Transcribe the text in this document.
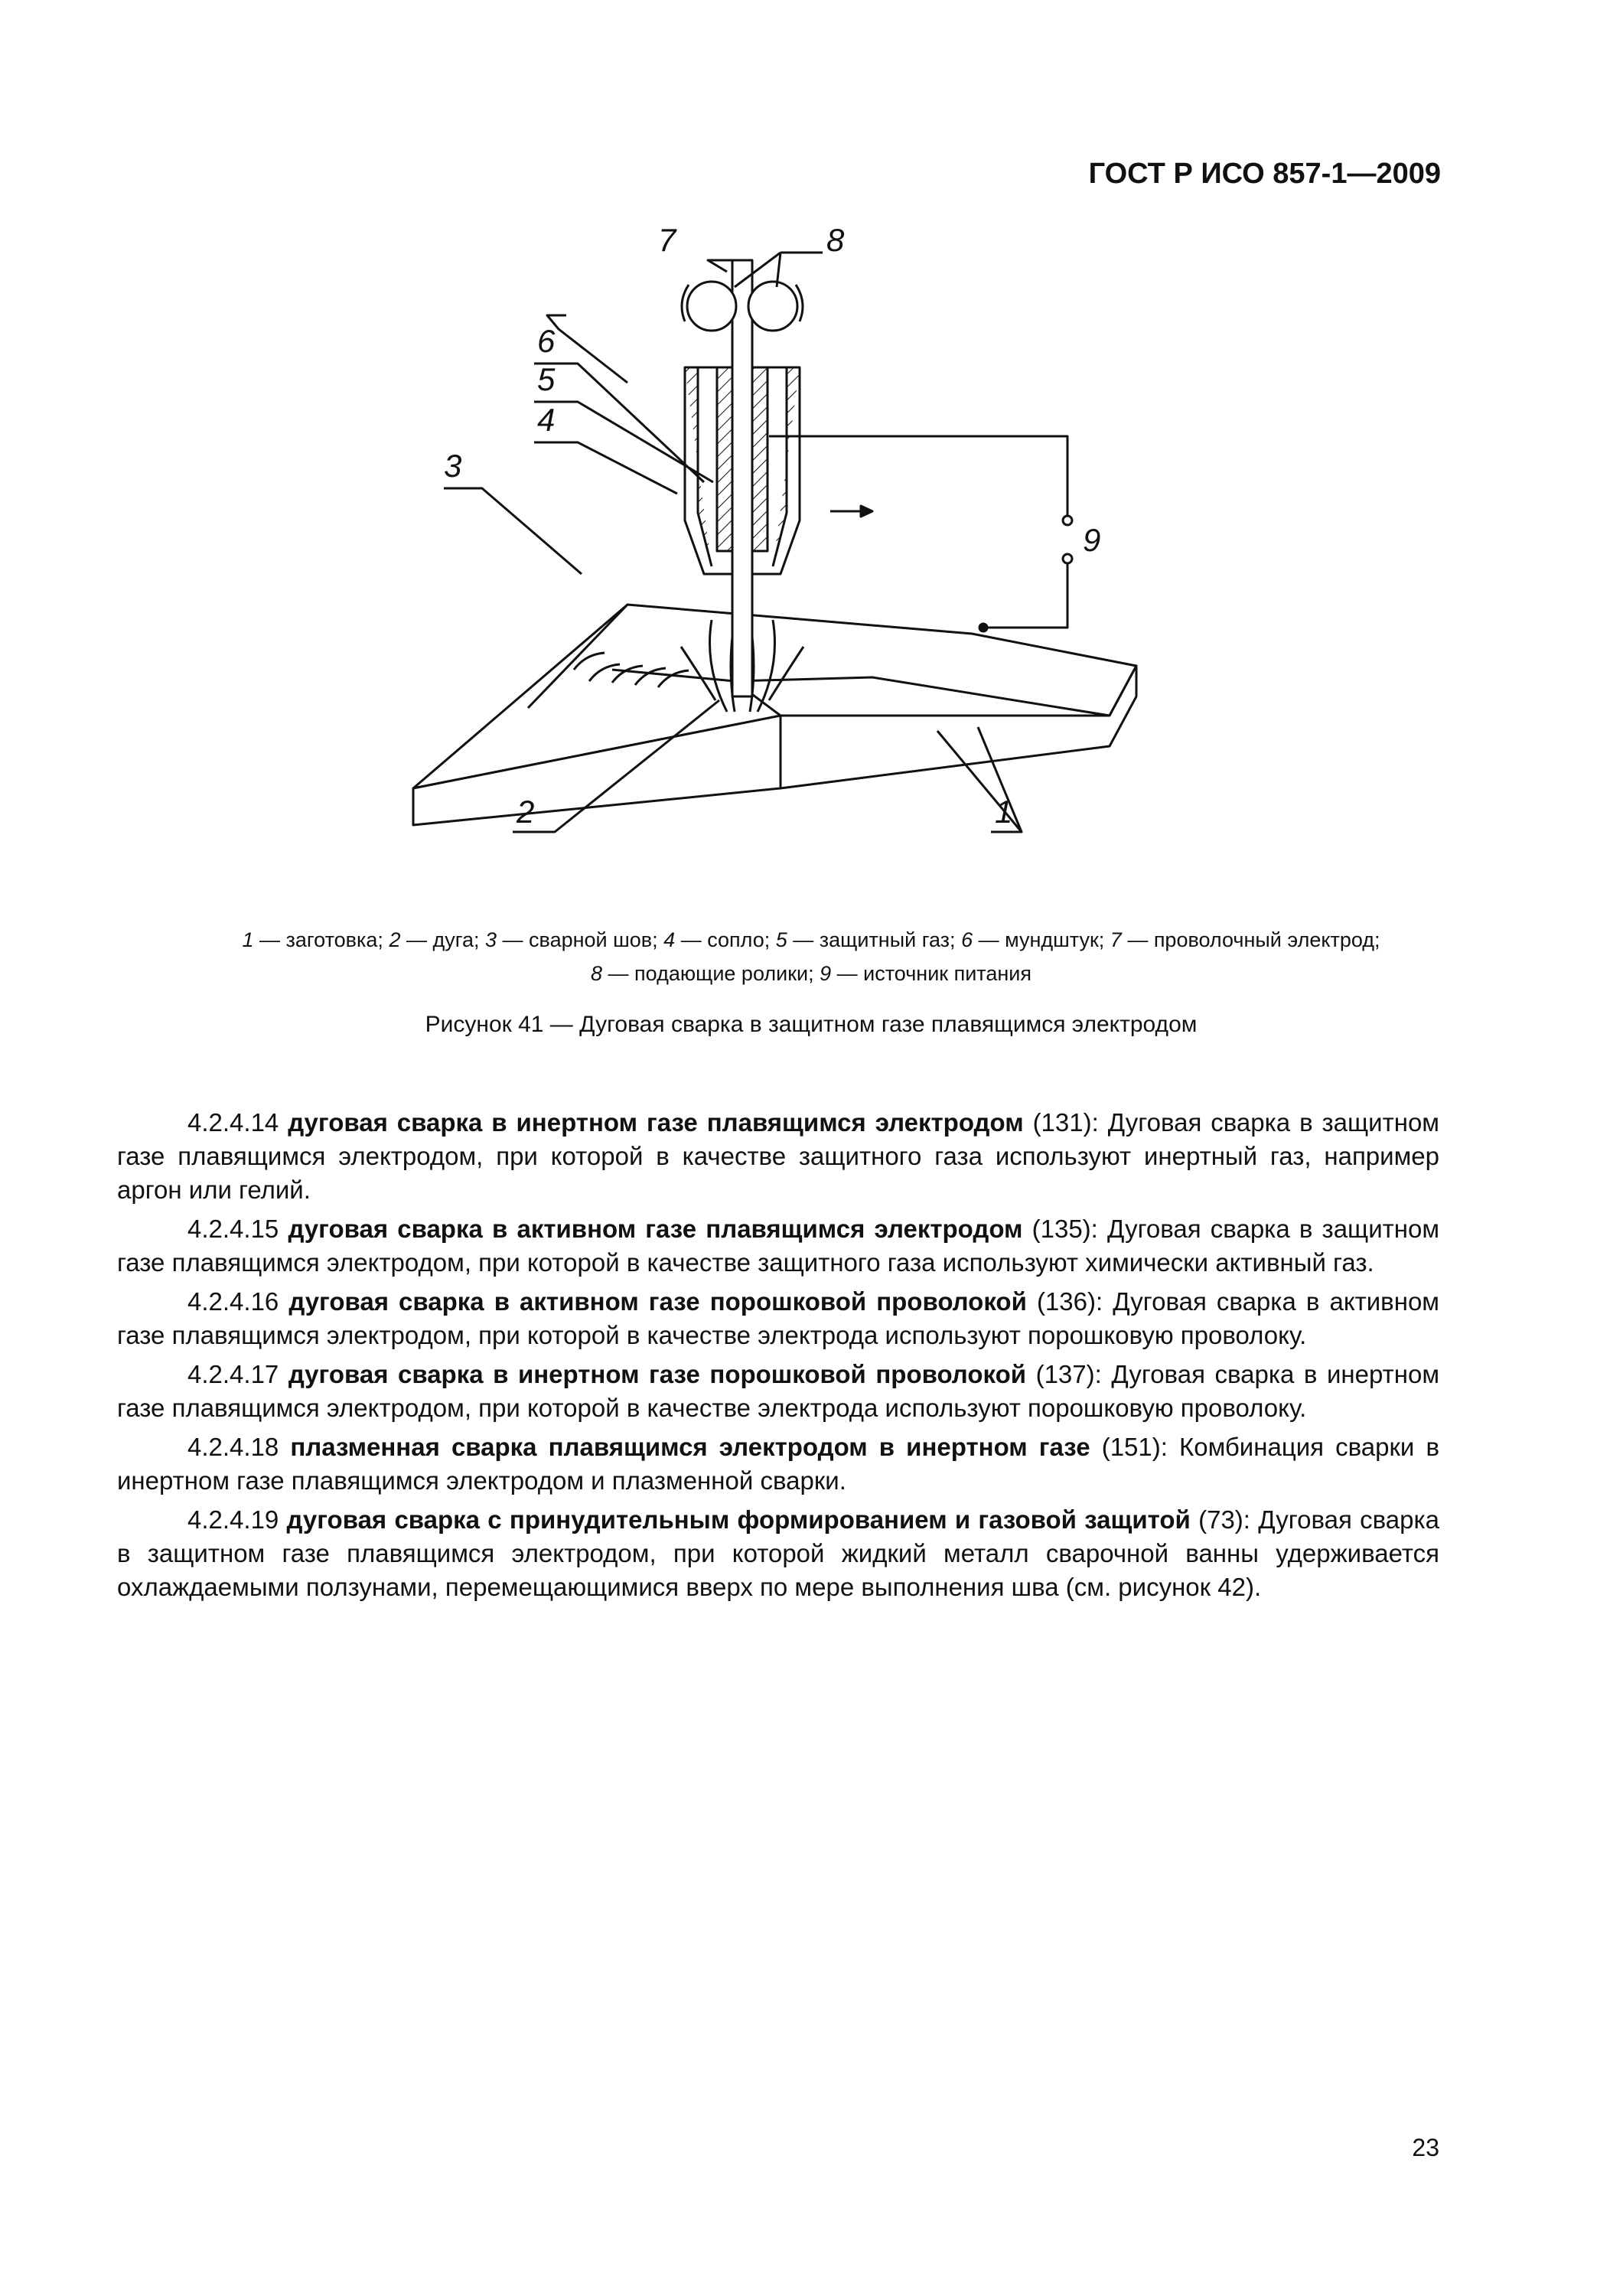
ГОСТ Р ИСО 857-1—2009
7	8
6
5
4
3
9
2	1
1 — заготовка; 2 — дуга; 3 — сварной шов; 4 — сопло; 5 — защитный газ; 6 — мундштук; 7 — проволочный электрод;
8 — подающие ролики; 9 — источник питания
Рисунок 41 — Дуговая сварка в защитном газе плавящимся электродом

4.2.4.14 дуговая сварка в инертном газе плавящимся электродом (131): Дуговая сварка в защитном газе плавящимся электродом, при которой в качестве защитного газа используют инертный газ, например аргон или гелий.

4.2.4.15 дуговая сварка в активном газе плавящимся электродом (135): Дуговая сварка в защитном газе плавящимся электродом, при которой в качестве защитного газа используют химически активный газ.

4.2.4.16 дуговая сварка в активном газе порошковой проволокой (136): Дуговая сварка в активном газе плавящимся электродом, при которой в качестве электрода используют порошковую проволоку.

4.2.4.17 дуговая сварка в инертном газе порошковой проволокой (137): Дуговая сварка в инертном газе плавящимся электродом, при которой в качестве электрода используют порошковую проволоку.

4.2.4.18 плазменная сварка плавящимся электродом в инертном газе (151): Комбинация сварки в инертном газе плавящимся электродом и плазменной сварки.

4.2.4.19 дуговая сварка с принудительным формированием и газовой защитой (73): Дуговая сварка в защитном газе плавящимся электродом, при которой жидкий металл сварочной ванны удерживается охлаждаемыми ползунами, перемещающимися вверх по мере выполнения шва (см. рисунок 42).

23
